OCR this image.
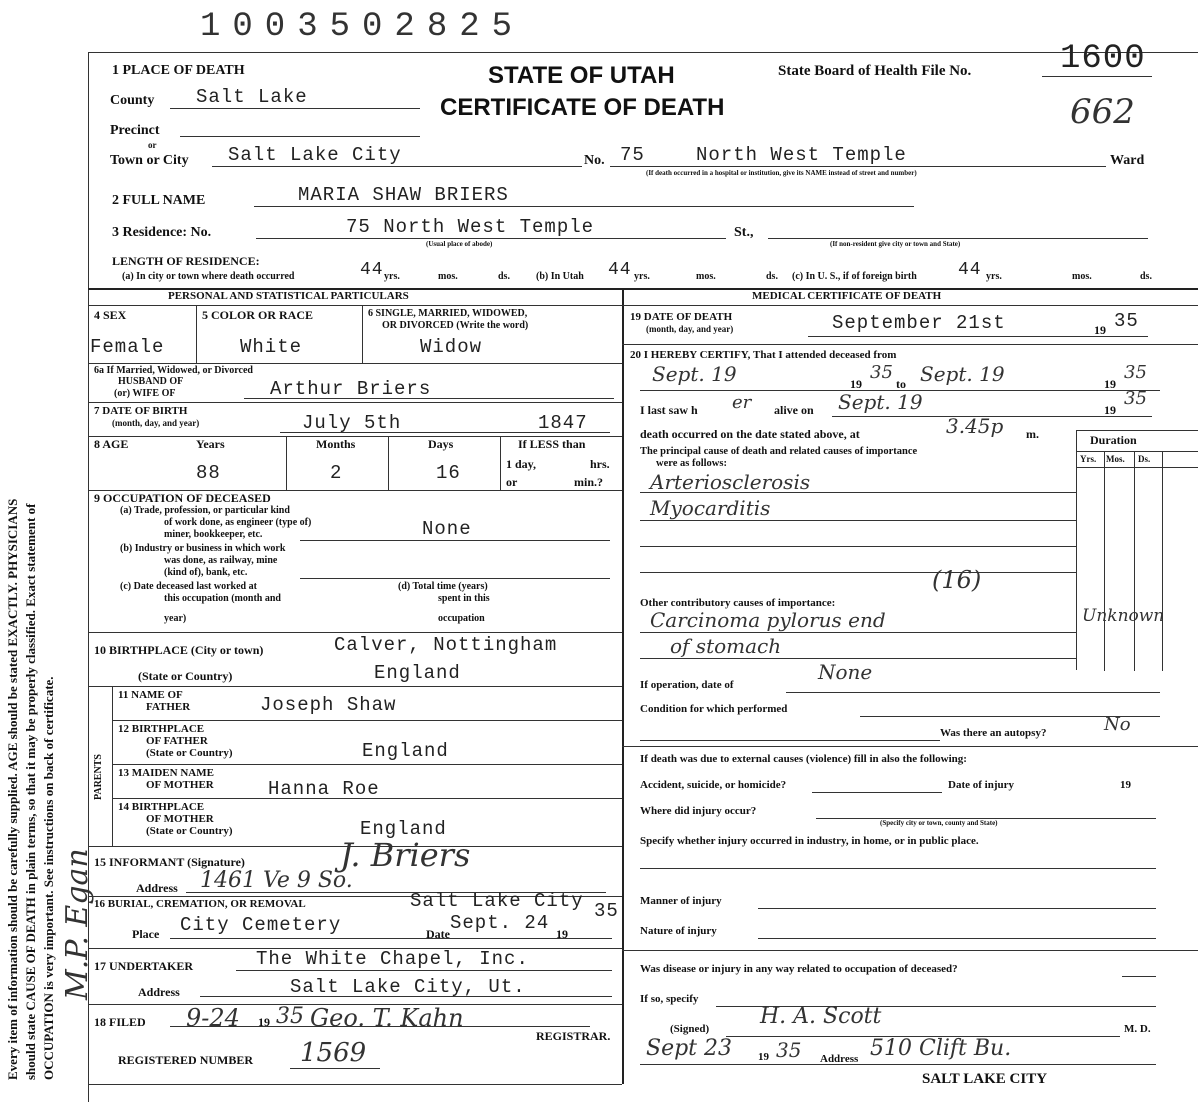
Every item of information should be carefully supplied. AGE should be stated EXACTLY. PHYSICIANS should state CAUSE OF DEATH in plain terms, so that it may be properly classified. Exact statement of OCCUPATION is very important. See instructions on back of certificate. M.P. Egan
1003502825
1 PLACE OF DEATH	STATE OF UTAH
CERTIFICATE OF DEATH
State Board of Health File No.	1600
662
County Salt Lake
Precinct
or
Town or City Salt Lake City	No. 75	North West Temple	Ward
(If death occurred in a hospital or institution, give its NAME instead of street and number)
2 FULL NAME	MARIA SHAW BRIERS
3 Residence: No.	75 North West Temple
(Usual place of abode)
St.,
(If non-resident give city or town and State)
LENGTH OF RESIDENCE:
(a) In city or town where death occurred	44 yrs.	mos.	ds.	(b) In Utah 44 yrs.	mos.	ds. (c) In U. S., if of foreign birth 44 yrs.	mos.	ds.
PERSONAL AND STATISTICAL PARTICULARS	MEDICAL CERTIFICATE OF DEATH
4 SEX	5 COLOR OR RACE	6 SINGLE, MARRIED, WIDOWED,
OR DIVORCED (Write the word)
Female	White	Widow
6a If Married, Widowed, or Divorced
HUSBAND OF
(or) WIFE OF	Arthur Briers
7 DATE OF BIRTH
(month, day, and year)	July 5th	1847
8 AGE	Years	Months	Days	If LESS than
1 day,	hrs.
or	min.?
88	2	16
9 OCCUPATION OF DECEASED
(a) Trade, profession, or particular kind
of work done, as engineer (type of)
miner, bookkeeper, etc.	None
(b) Industry or business in which work
was done, as railway, mine
(kind of), bank, etc.
(c) Date deceased last worked at
this occupation (month and
year)
(d) Total time (years)
spent in this
occupation
10 BIRTHPLACE (City or town)	Calver, Nottingham
(State or Country)	England
PARENTS
11 NAME OF
FATHER	Joseph Shaw
12 BIRTHPLACE
OF FATHER
(State or Country)	England
13 MAIDEN NAME
OF MOTHER	Hanna Roe
14 BIRTHPLACE
OF MOTHER
(State or Country)	England
15 INFORMANT (Signature)	J. Briers
Address 1461 Ve 9 So.
16 BURIAL, CREMATION, OR REMOVAL	Salt Lake City
Place City Cemetery	Date Sept. 24 19
35
17 UNDERTAKER	The White Chapel, Inc.
Address	Salt Lake City, Ut.
18 FILED 9-24 19 35 Geo. T. Kahn
REGISTRAR.
REGISTERED NUMBER 1569
19 DATE OF DEATH
(month, day, and year)	September 21st	19 35
20 I HEREBY CERTIFY, That I attended deceased from
Sept. 19	19
35
to Sept. 19	19
35
I last saw h er alive on Sept. 19	19
35
death occurred on the date stated above, at	3.45p m.
The principal cause of death and related causes of importance
were as follows:
Duration
Yrs. Mos. Ds.
Arteriosclerosis
Myocarditis
(16)
Other contributory causes of importance:
Carcinoma pylorus end	Unknown
of stomach
If operation, date of
None
Condition for which performed
Was there an autopsy?	No
If death was due to external causes (violence) fill in also the following:
Accident, suicide, or homicide?	Date of injury	19
Where did injury occur?
(Specify city or town, county and State)
Specify whether injury occurred in industry, in home, or in public place.
Manner of injury
Nature of injury
Was disease or injury in any way related to occupation of deceased?
If so, specify
(Signed) H. A. Scott	M. D.
Sept 23 19 35 Address 510 Clift Bu.
SALT LAKE CITY
